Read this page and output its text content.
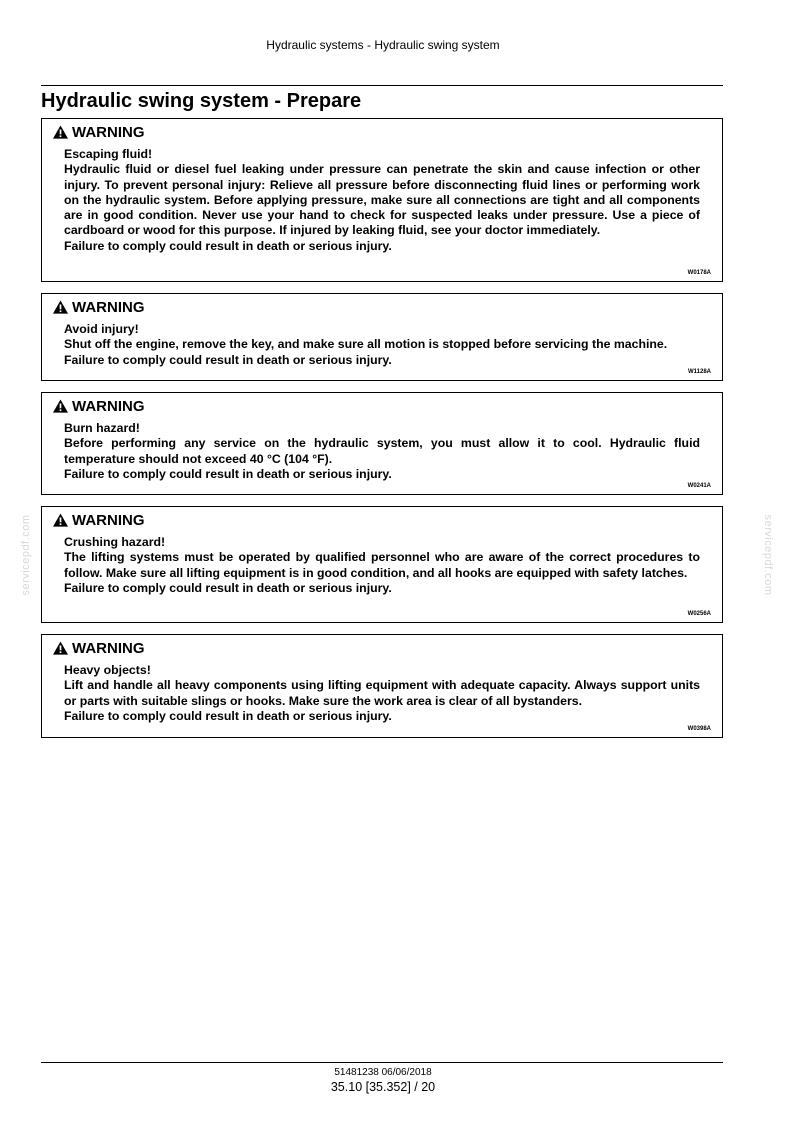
Hydraulic systems - Hydraulic swing system
Hydraulic swing system - Prepare
WARNING

Escaping fluid!

Hydraulic fluid or diesel fuel leaking under pressure can penetrate the skin and cause infection or other injury. To prevent personal injury: Relieve all pressure before disconnecting fluid lines or performing work on the hydraulic system. Before applying pressure, make sure all connections are tight and all components are in good condition. Never use your hand to check for suspected leaks under pressure. Use a piece of cardboard or wood for this purpose. If injured by leaking fluid, see your doctor immediately.

Failure to comply could result in death or serious injury.

W0178A
WARNING

Avoid injury!

Shut off the engine, remove the key, and make sure all motion is stopped before servicing the machine.

Failure to comply could result in death or serious injury.

W1128A
WARNING

Burn hazard!

Before performing any service on the hydraulic system, you must allow it to cool. Hydraulic fluid temperature should not exceed 40 °C (104 °F).

Failure to comply could result in death or serious injury.

W0241A
WARNING

Crushing hazard!

The lifting systems must be operated by qualified personnel who are aware of the correct procedures to follow. Make sure all lifting equipment is in good condition, and all hooks are equipped with safety latches.

Failure to comply could result in death or serious injury.

W0256A
WARNING

Heavy objects!

Lift and handle all heavy components using lifting equipment with adequate capacity. Always support units or parts with suitable slings or hooks. Make sure the work area is clear of all bystanders.

Failure to comply could result in death or serious injury.

W0398A
servicepdf.com	servicepdf.com
51481238 06/06/2018
35.10 [35.352] / 20
